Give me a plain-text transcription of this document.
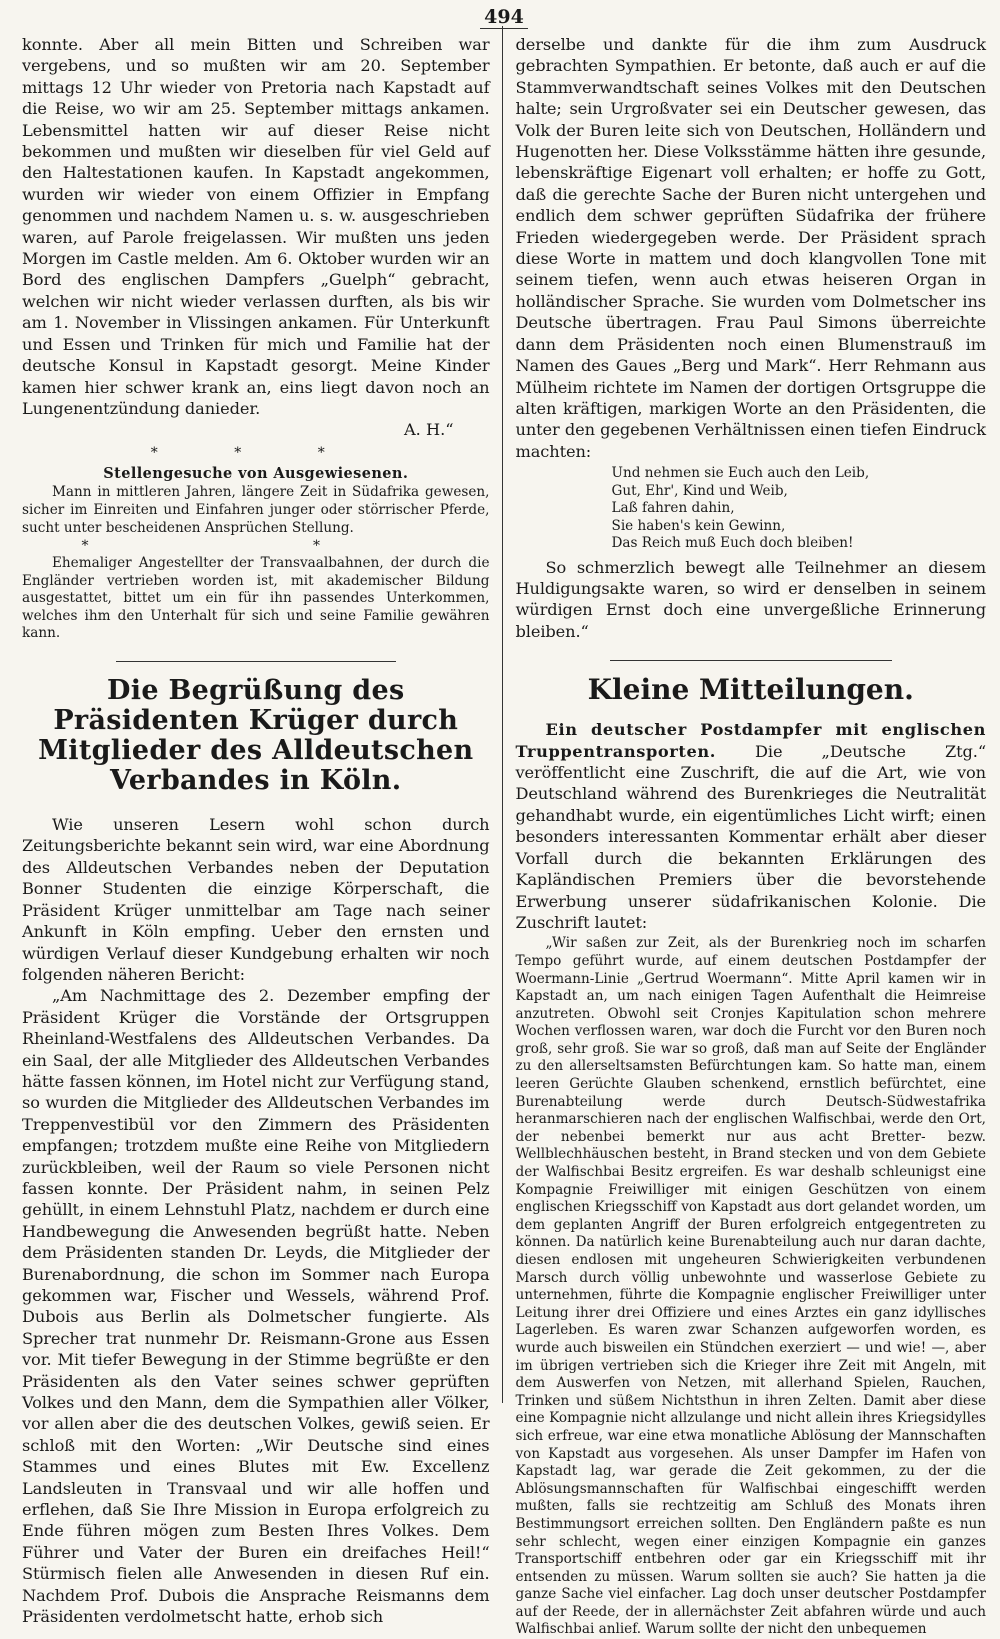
494

konnte. Aber all mein Bitten und Schreiben war vergebens, und so mußten wir am 20. September mittags 12 Uhr wieder von Pretoria nach Kapstadt auf die Reise, wo wir am 25. September mittags ankamen. Lebensmittel hatten wir auf dieser Reise nicht bekommen und mußten wir dieselben für viel Geld auf den Haltestationen kaufen. In Kapstadt angekommen, wurden wir wieder von einem Offizier in Empfang genommen und nachdem Namen u. s. w. ausgeschrieben waren, auf Parole freigelassen. Wir mußten uns jeden Morgen im Castle melden. Am 6. Oktober wurden wir an Bord des englischen Dampfers „Guelph“ gebracht, welchen wir nicht wieder verlassen durften, als bis wir am 1. November in Vlissingen ankamen. Für Unterkunft und Essen und Trinken für mich und Familie hat der deutsche Konsul in Kapstadt gesorgt. Meine Kinder kamen hier schwer krank an, eins liegt davon noch an Lungenentzündung danieder.

A. H.“
* * *
Stellengesuche von Ausgewiesenen.

Mann in mittleren Jahren, längere Zeit in Südafrika gewesen, sicher im Einreiten und Einfahren junger oder störrischer Pferde, sucht unter bescheidenen Ansprüchen Stellung.

* *

Ehemaliger Angestellter der Transvaalbahnen, der durch die Engländer vertrieben worden ist, mit akademischer Bildung ausgestattet, bittet um ein für ihn passendes Unterkommen, welches ihm den Unterhalt für sich und seine Familie gewähren kann.

Die Begrüßung des Präsidenten Krüger durch Mitglieder des Alldeutschen Verbandes in Köln.

Wie unseren Lesern wohl schon durch Zeitungsberichte bekannt sein wird, war eine Abordnung des Alldeutschen Verbandes neben der Deputation Bonner Studenten die einzige Körperschaft, die Präsident Krüger unmittelbar am Tage nach seiner Ankunft in Köln empfing. Ueber den ernsten und würdigen Verlauf dieser Kundgebung erhalten wir noch folgenden näheren Bericht:

„Am Nachmittage des 2. Dezember empfing der Präsident Krüger die Vorstände der Ortsgruppen Rheinland-Westfalens des Alldeutschen Verbandes. Da ein Saal, der alle Mitglieder des Alldeutschen Verbandes hätte fassen können, im Hotel nicht zur Verfügung stand, so wurden die Mitglieder des Alldeutschen Verbandes im Treppenvestibül vor den Zimmern des Präsidenten empfangen; trotzdem mußte eine Reihe von Mitgliedern zurückbleiben, weil der Raum so viele Personen nicht fassen konnte. Der Präsident nahm, in seinen Pelz gehüllt, in einem Lehnstuhl Platz, nachdem er durch eine Handbewegung die Anwesenden begrüßt hatte. Neben dem Präsidenten standen Dr. Leyds, die Mitglieder der Burenabordnung, die schon im Sommer nach Europa gekommen war, Fischer und Wessels, während Prof. Dubois aus Berlin als Dolmetscher fungierte. Als Sprecher trat nunmehr Dr. Reismann-Grone aus Essen vor. Mit tiefer Bewegung in der Stimme begrüßte er den Präsidenten als den Vater seines schwer geprüften Volkes und den Mann, dem die Sympathien aller Völker, vor allen aber die des deutschen Volkes, gewiß seien. Er schloß mit den Worten: „Wir Deutsche sind eines Stammes und eines Blutes mit Ew. Excellenz Landsleuten in Transvaal und wir alle hoffen und erflehen, daß Sie Ihre Mission in Europa erfolgreich zu Ende führen mögen zum Besten Ihres Volkes. Dem Führer und Vater der Buren ein dreifaches Heil!“ Stürmisch fielen alle Anwesenden in diesen Ruf ein. Nachdem Prof. Dubois die Ansprache Reismanns dem Präsidenten verdolmetscht hatte, erhob sich

derselbe und dankte für die ihm zum Ausdruck gebrachten Sympathien. Er betonte, daß auch er auf die Stammverwandtschaft seines Volkes mit den Deutschen halte; sein Urgroßvater sei ein Deutscher gewesen, das Volk der Buren leite sich von Deutschen, Holländern und Hugenotten her. Diese Volksstämme hätten ihre gesunde, lebenskräftige Eigenart voll erhalten; er hoffe zu Gott, daß die gerechte Sache der Buren nicht untergehen und endlich dem schwer geprüften Südafrika der frühere Frieden wiedergegeben werde. Der Präsident sprach diese Worte in mattem und doch klangvollen Tone mit seinem tiefen, wenn auch etwas heiseren Organ in holländischer Sprache. Sie wurden vom Dolmetscher ins Deutsche übertragen. Frau Paul Simons überreichte dann dem Präsidenten noch einen Blumenstrauß im Namen des Gaues „Berg und Mark“. Herr Rehmann aus Mülheim richtete im Namen der dortigen Ortsgruppe die alten kräftigen, markigen Worte an den Präsidenten, die unter den gegebenen Verhältnissen einen tiefen Eindruck machten:

Und nehmen sie Euch auch den Leib,
Gut, Ehr', Kind und Weib,
Laß fahren dahin,
Sie haben's kein Gewinn,
Das Reich muß Euch doch bleiben!

So schmerzlich bewegt alle Teilnehmer an diesem Huldigungsakte waren, so wird er denselben in seinem würdigen Ernst doch eine unvergeßliche Erinnerung bleiben.“

Kleine Mitteilungen.

Ein deutscher Postdampfer mit englischen Truppentransporten. Die „Deutsche Ztg.“ veröffentlicht eine Zuschrift, die auf die Art, wie von Deutschland während des Burenkrieges die Neutralität gehandhabt wurde, ein eigentümliches Licht wirft; einen besonders interessanten Kommentar erhält aber dieser Vorfall durch die bekannten Erklärungen des Kapländischen Premiers über die bevorstehende Erwerbung unserer südafrikanischen Kolonie. Die Zuschrift lautet:

„Wir saßen zur Zeit, als der Burenkrieg noch im scharfen Tempo geführt wurde, auf einem deutschen Postdampfer der Woermann-Linie „Gertrud Woermann“. Mitte April kamen wir in Kapstadt an, um nach einigen Tagen Aufenthalt die Heimreise anzutreten. Obwohl seit Cronjes Kapitulation schon mehrere Wochen verflossen waren, war doch die Furcht vor den Buren noch groß, sehr groß. Sie war so groß, daß man auf Seite der Engländer zu den allerseltsamsten Befürchtungen kam. So hatte man, einem leeren Gerüchte Glauben schenkend, ernstlich befürchtet, eine Burenabteilung werde durch Deutsch-Südwestafrika heranmarschieren nach der englischen Walfischbai, werde den Ort, der nebenbei bemerkt nur aus acht Bretter- bezw. Wellblechhäuschen besteht, in Brand stecken und von dem Gebiete der Walfischbai Besitz ergreifen. Es war deshalb schleunigst eine Kompagnie Freiwilliger mit einigen Geschützen von einem englischen Kriegsschiff von Kapstadt aus dort gelandet worden, um dem geplanten Angriff der Buren erfolgreich entgegentreten zu können. Da natürlich keine Burenabteilung auch nur daran dachte, diesen endlosen mit ungeheuren Schwierigkeiten verbundenen Marsch durch völlig unbewohnte und wasserlose Gebiete zu unternehmen, führte die Kompagnie englischer Freiwilliger unter Leitung ihrer drei Offiziere und eines Arztes ein ganz idyllisches Lagerleben. Es waren zwar Schanzen aufgeworfen worden, es wurde auch bisweilen ein Stündchen exerziert — und wie! —, aber im übrigen vertrieben sich die Krieger ihre Zeit mit Angeln, mit dem Auswerfen von Netzen, mit allerhand Spielen, Rauchen, Trinken und süßem Nichtsthun in ihren Zelten. Damit aber diese eine Kompagnie nicht allzulange und nicht allein ihres Kriegsidylles sich erfreue, war eine etwa monatliche Ablösung der Mannschaften von Kapstadt aus vorgesehen. Als unser Dampfer im Hafen von Kapstadt lag, war gerade die Zeit gekommen, zu der die Ablösungsmannschaften für Walfischbai eingeschifft werden mußten, falls sie rechtzeitig am Schluß des Monats ihren Bestimmungsort erreichen sollten. Den Engländern paßte es nun sehr schlecht, wegen einer einzigen Kompagnie ein ganzes Transportschiff entbehren oder gar ein Kriegsschiff mit ihr entsenden zu müssen. Warum sollten sie auch? Sie hatten ja die ganze Sache viel einfacher. Lag doch unser deutscher Postdampfer auf der Reede, der in allernächster Zeit abfahren würde und auch Walfischbai anlief. Warum sollte der nicht den unbequemen
